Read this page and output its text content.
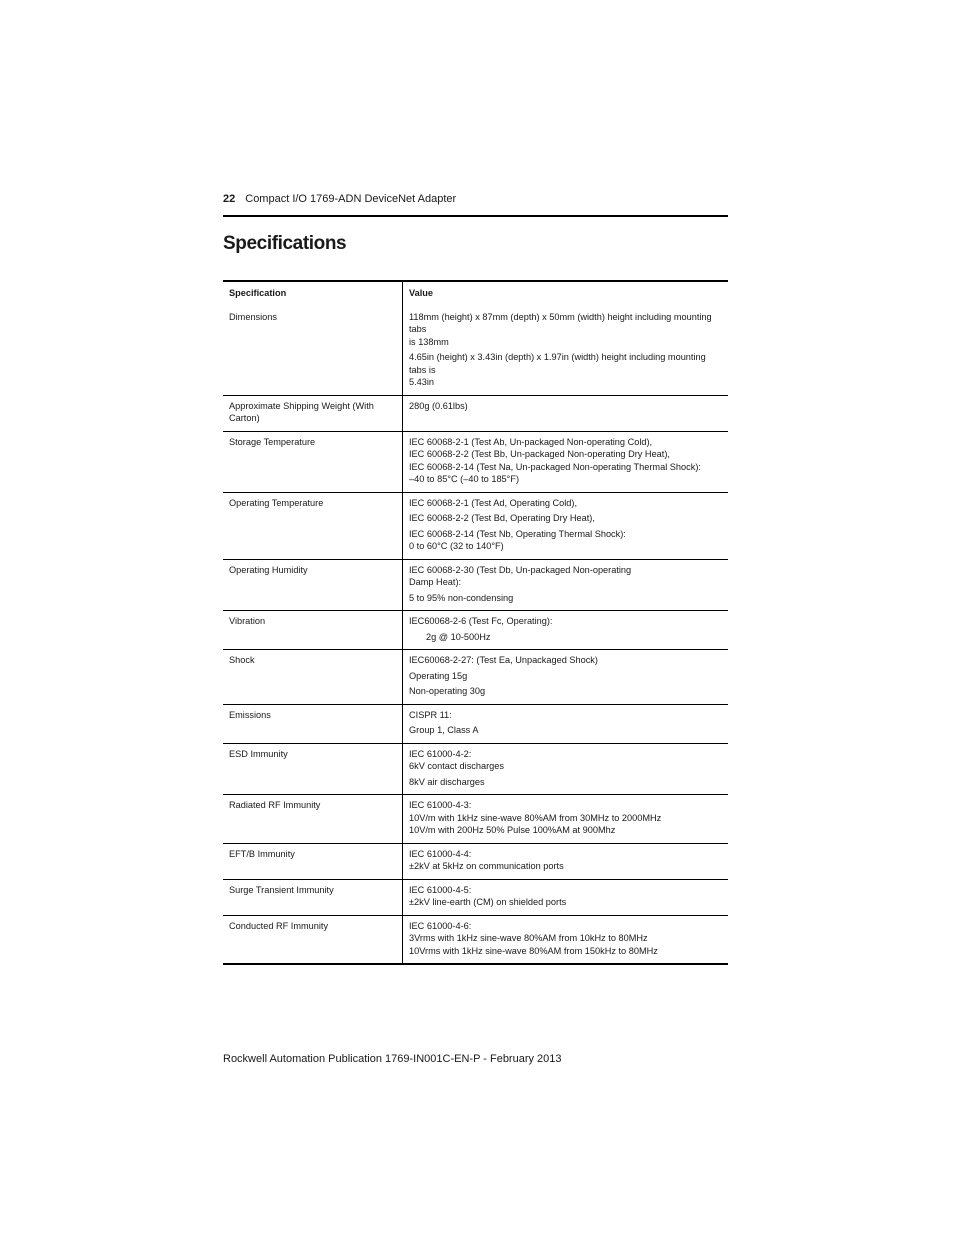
22 Compact I/O 1769-ADN DeviceNet Adapter
Specifications
Specification	Value
Dimensions	118mm (height) x 87mm (depth) x 50mm (width) height including mounting tabs
is 138mm
4.65in (height) x 3.43in (depth) x 1.97in (width) height including mounting tabs is
5.43in

Approximate Shipping Weight (With Carton)	280g (0.61lbs)

Storage Temperature	IEC 60068-2-1 (Test Ab, Un-packaged Non-operating Cold),
IEC 60068-2-2 (Test Bb, Un-packaged Non-operating Dry Heat),
IEC 60068-2-14 (Test Na, Un-packaged Non-operating Thermal Shock):
–40 to 85°C (–40 to 185°F)

Operating Temperature	IEC 60068-2-1 (Test Ad, Operating Cold),
IEC 60068-2-2 (Test Bd, Operating Dry Heat),
IEC 60068-2-14 (Test Nb, Operating Thermal Shock):
0 to 60°C (32 to 140°F)

Operating Humidity	IEC 60068-2-30 (Test Db, Un-packaged Non-operating
Damp Heat):
5 to 95% non-condensing

Vibration	IEC60068-2-6 (Test Fc, Operating):
2g @ 10-500Hz

Shock	IEC60068-2-27: (Test Ea, Unpackaged Shock)
Operating 15g
Non-operating 30g

Emissions	CISPR 11:
Group 1, Class A

ESD Immunity	IEC 61000-4-2:
6kV contact discharges
8kV air discharges

Radiated RF Immunity	IEC 61000-4-3:
10V/m with 1kHz sine-wave 80%AM from 30MHz to 2000MHz
10V/m with 200Hz 50% Pulse 100%AM at 900Mhz

EFT/B Immunity	IEC 61000-4-4:
±2kV at 5kHz on communication ports

Surge Transient Immunity	IEC 61000-4-5:
±2kV line-earth (CM) on shielded ports

Conducted RF Immunity	IEC 61000-4-6:
3Vrms with 1kHz sine-wave 80%AM from 10kHz to 80MHz
10Vrms with 1kHz sine-wave 80%AM from 150kHz to 80MHz
Rockwell Automation Publication 1769-IN001C-EN-P - February 2013
